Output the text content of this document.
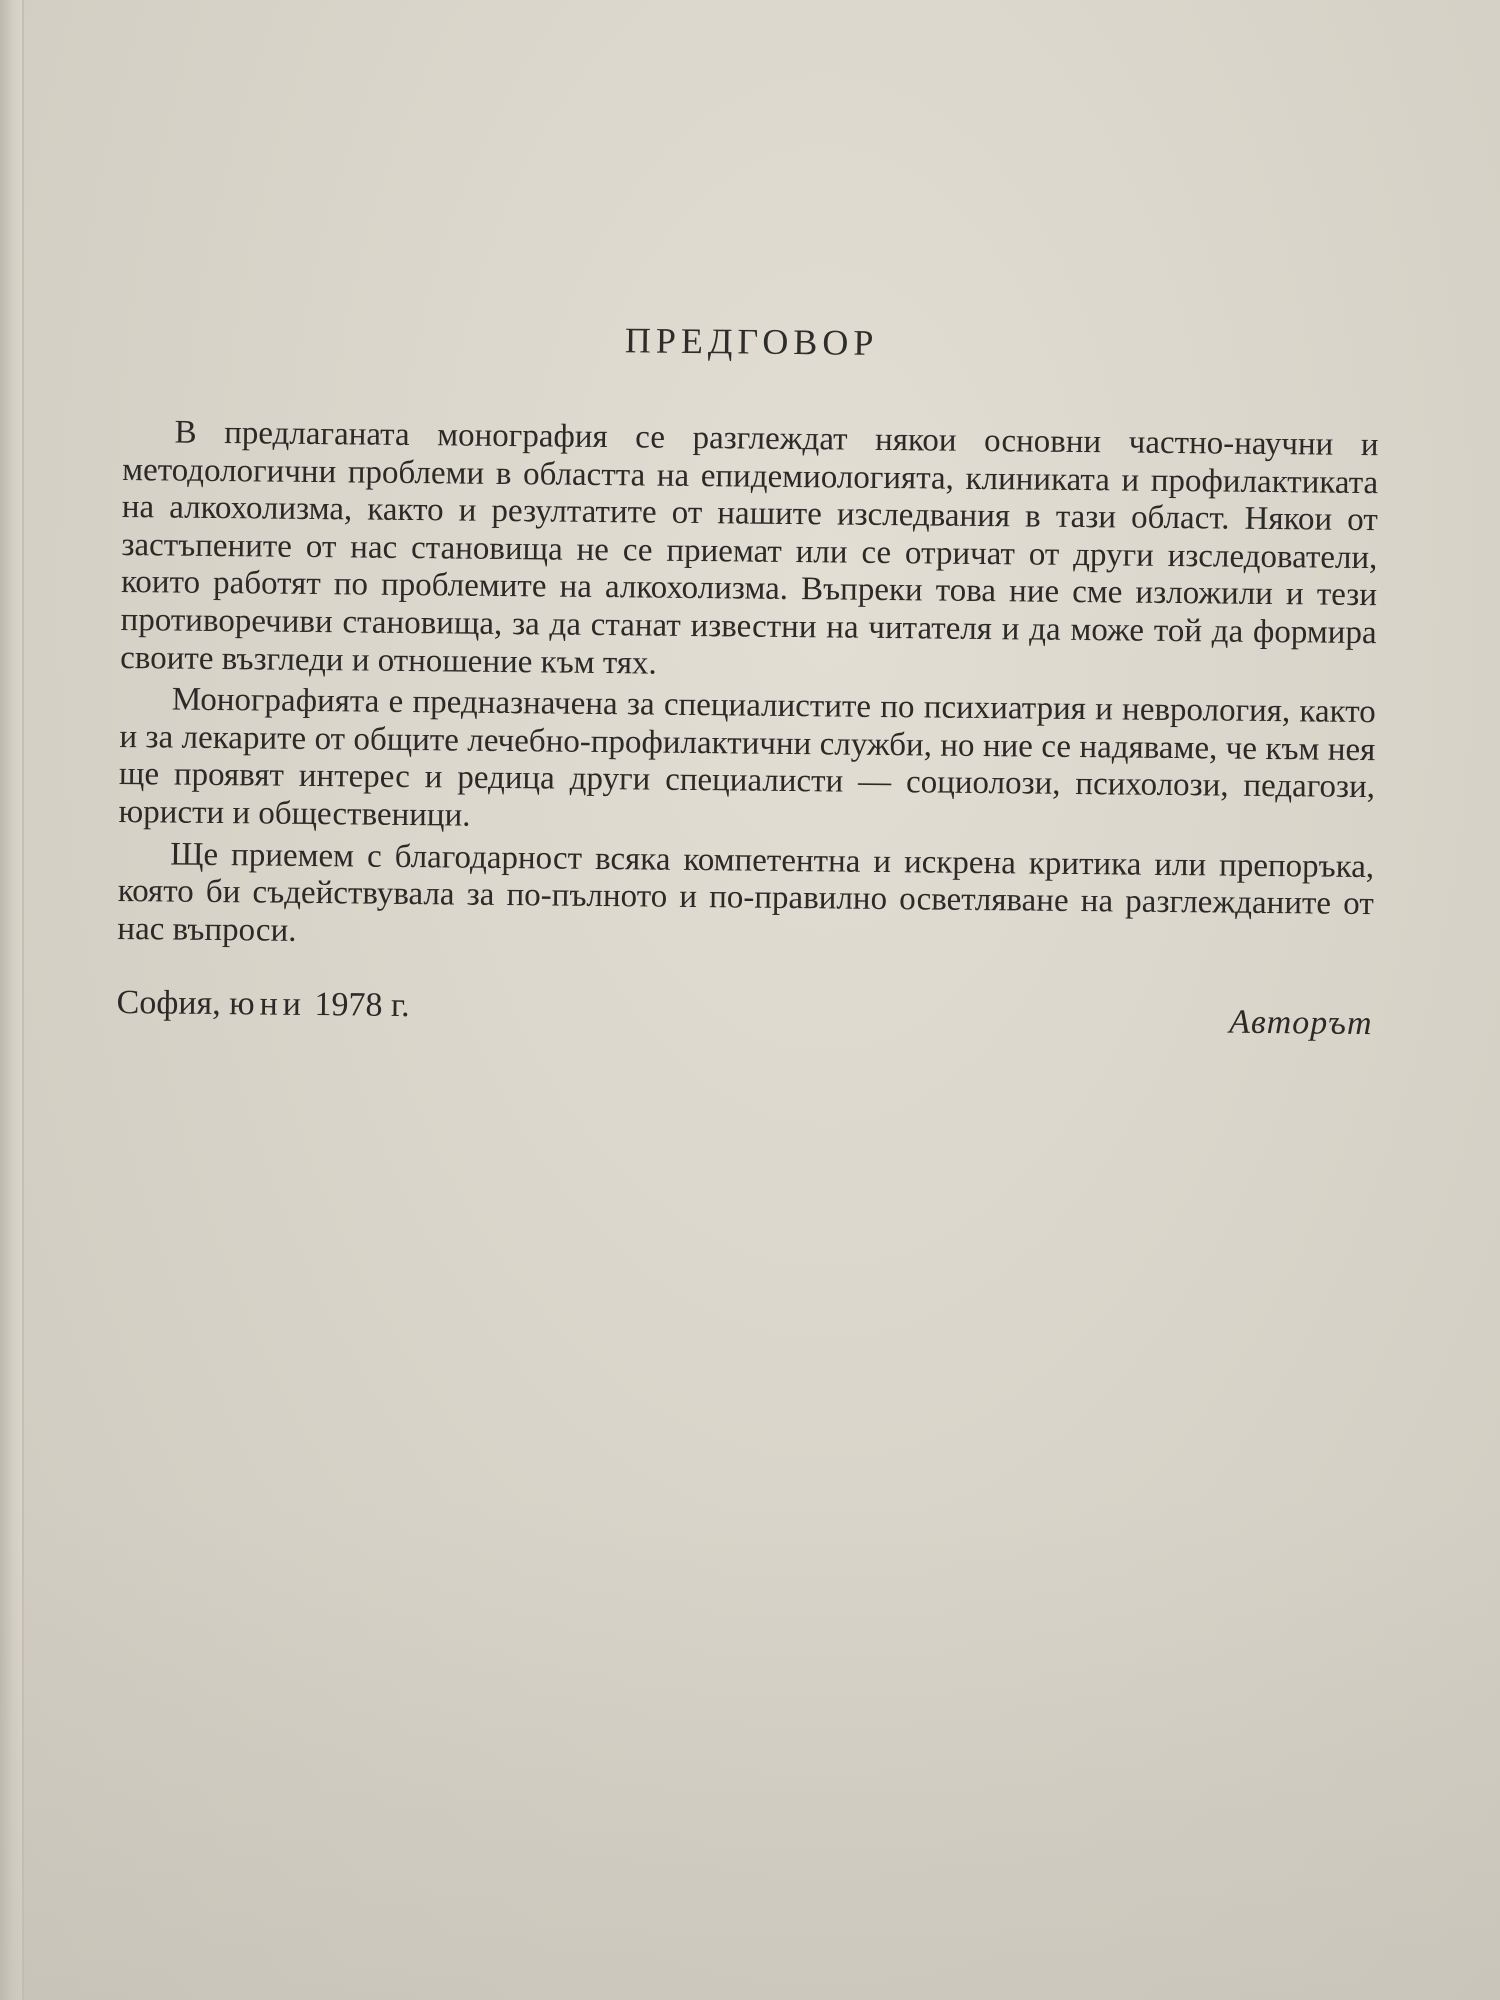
ПРЕДГОВОР

В предлаганата монография се разглеждат някои основни частно-научни и методологични проблеми в областта на епидемиологията, клиниката и профилактиката на алкохолизма, както и резултатите от нашите изследвания в тази област. Някои от застъпените от нас становища не се приемат или се отричат от други изследователи, които работят по проблемите на алкохолизма. Въпреки това ние сме изложили и тези противоречиви становища, за да станат известни на читателя и да може той да формира своите възгледи и отношение към тях.

Монографията е предназначена за специалистите по психиатрия и неврология, както и за лекарите от общите лечебно-профилактични служби, но ние се надяваме, че към нея ще проявят интерес и редица други специалисти — социолози, психолози, педагози, юристи и общественици.

Ще приемем с благодарност всяка компетентна и искрена критика или препоръка, която би съдействувала за по-пълното и по-правилно осветляване на разглежданите от нас въпроси.

София, юни 1978 г.	Авторът
